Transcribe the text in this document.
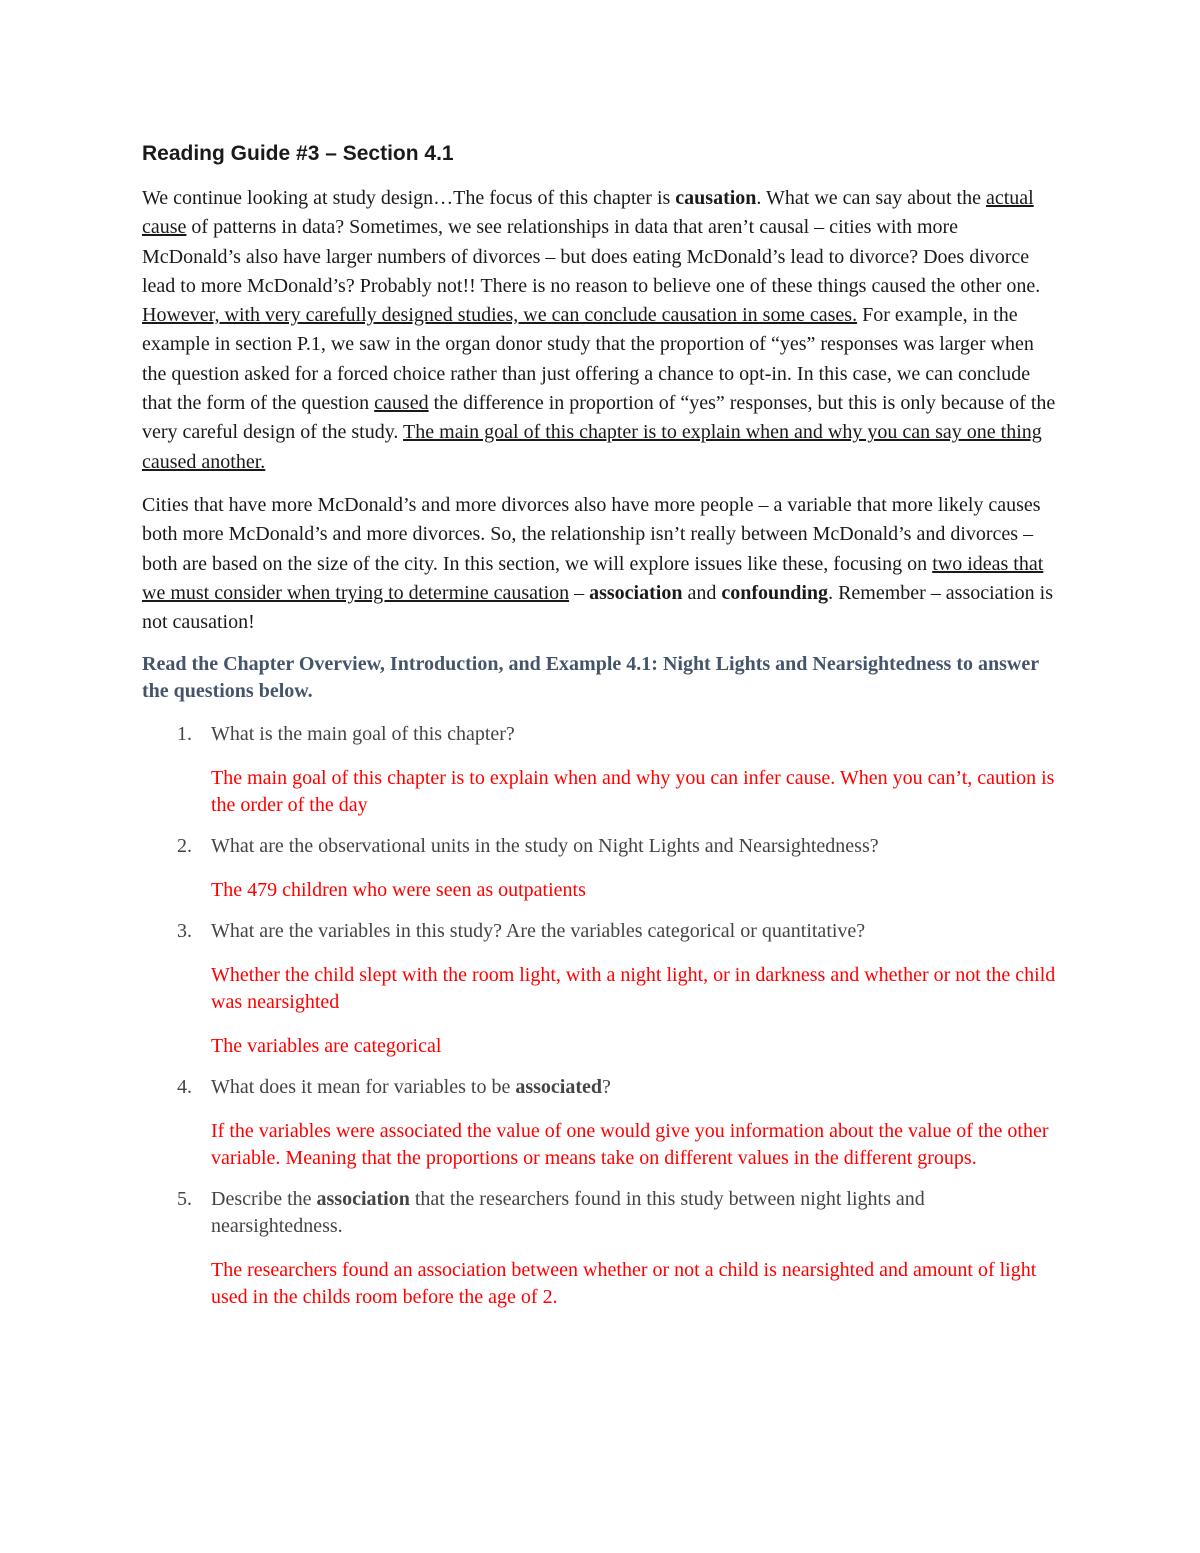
Reading Guide #3 – Section 4.1

We continue looking at study design…The focus of this chapter is causation. What we can say about the actual cause of patterns in data? Sometimes, we see relationships in data that aren’t causal – cities with more McDonald’s also have larger numbers of divorces – but does eating McDonald’s lead to divorce? Does divorce lead to more McDonald’s? Probably not!! There is no reason to believe one of these things caused the other one. However, with very carefully designed studies, we can conclude causation in some cases. For example, in the example in section P.1, we saw in the organ donor study that the proportion of “yes” responses was larger when the question asked for a forced choice rather than just offering a chance to opt-in. In this case, we can conclude that the form of the question caused the difference in proportion of “yes” responses, but this is only because of the very careful design of the study. The main goal of this chapter is to explain when and why you can say one thing caused another.

Cities that have more McDonald’s and more divorces also have more people – a variable that more likely causes both more McDonald’s and more divorces. So, the relationship isn’t really between McDonald’s and divorces – both are based on the size of the city. In this section, we will explore issues like these, focusing on two ideas that we must consider when trying to determine causation – association and confounding. Remember – association is not causation!

Read the Chapter Overview, Introduction, and Example 4.1: Night Lights and Nearsightedness to answer the questions below.
1. What is the main goal of this chapter?

The main goal of this chapter is to explain when and why you can infer cause. When you can’t, caution is the order of the day

2. What are the observational units in the study on Night Lights and Nearsightedness?

The 479 children who were seen as outpatients

3. What are the variables in this study? Are the variables categorical or quantitative?

Whether the child slept with the room light, with a night light, or in darkness and whether or not the child was nearsighted

The variables are categorical

4. What does it mean for variables to be associated?

If the variables were associated the value of one would give you information about the value of the other variable. Meaning that the proportions or means take on different values in the different groups.

5. Describe the association that the researchers found in this study between night lights and nearsightedness.

The researchers found an association between whether or not a child is nearsighted and amount of light used in the childs room before the age of 2.
